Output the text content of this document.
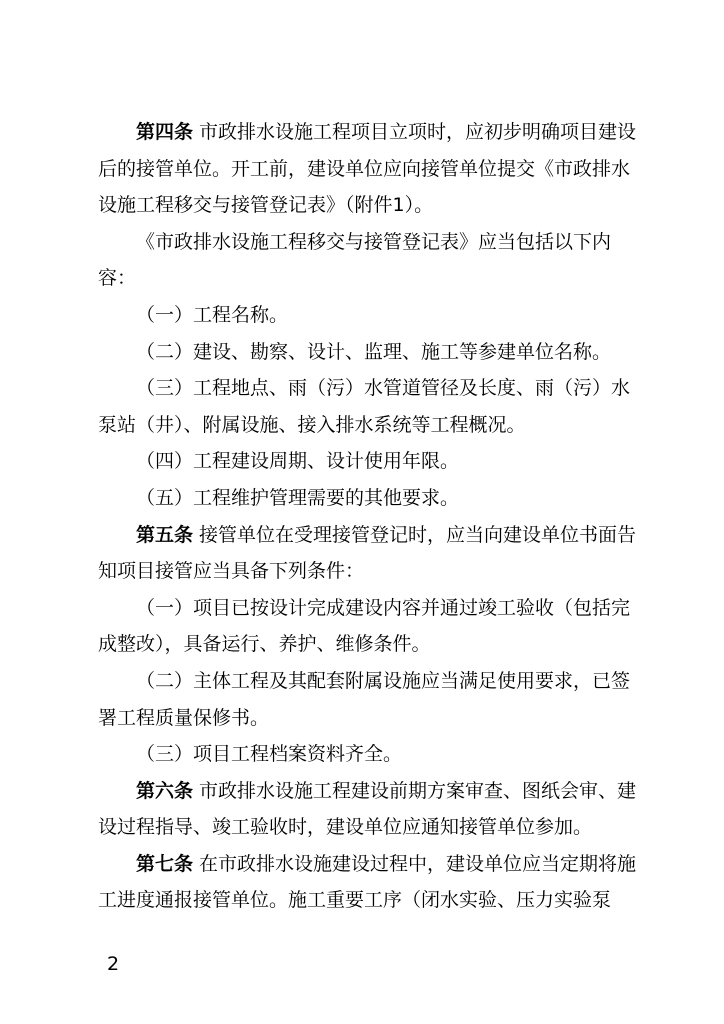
第四条 市政排水设施工程项目立项时，应初步明确项目建设后的接管单位。开工前，建设单位应向接管单位提交《市政排水设施工程移交与接管登记表》（附件1）。

《市政排水设施工程移交与接管登记表》应当包括以下内容：

（一）工程名称。

（二）建设、勘察、设计、监理、施工等参建单位名称。

（三）工程地点、雨（污）水管道管径及长度、雨（污）水泵站（井）、附属设施、接入排水系统等工程概况。

（四）工程建设周期、设计使用年限。

（五）工程维护管理需要的其他要求。

第五条 接管单位在受理接管登记时，应当向建设单位书面告知项目接管应当具备下列条件：

（一）项目已按设计完成建设内容并通过竣工验收（包括完成整改），具备运行、养护、维修条件。

（二）主体工程及其配套附属设施应当满足使用要求，已签署工程质量保修书。

（三）项目工程档案资料齐全。

第六条 市政排水设施工程建设前期方案审查、图纸会审、建设过程指导、竣工验收时，建设单位应通知接管单位参加。

第七条 在市政排水设施建设过程中，建设单位应当定期将施工进度通报接管单位。施工重要工序（闭水实验、压力实验泵

2
